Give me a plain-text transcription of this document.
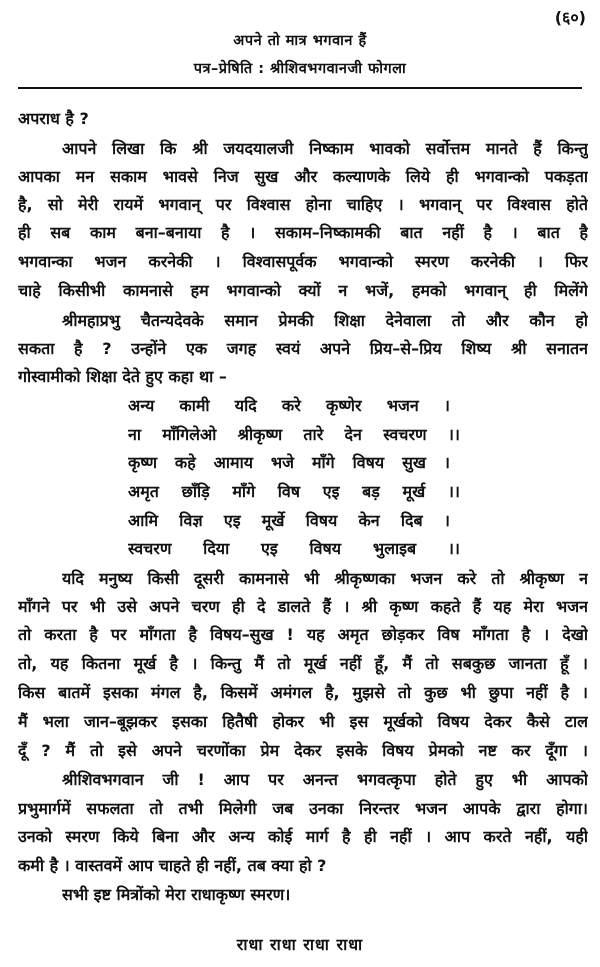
(६०)
अपने तो मात्र भगवान हैं
पत्र–प्रेषिति : श्रीशिवभगवानजी फोगला
अपराध है ?
आपने लिखा कि श्री जयदयालजी निष्काम भावको सर्वोत्तम मानते हैं किन्तु
आपका मन सकाम भावसे निज सुख और कल्याणके लिये ही भगवान्को पकड़ता
है, सो मेरी रायमें भगवान् पर विश्वास होना चाहिए । भगवान् पर विश्वास होते
ही सब काम बना–बनाया है । सकाम–निष्कामकी बात नहीं है । बात है
भगवान्का भजन करनेकी । विश्वासपूर्वक भगवान्को स्मरण करनेकी । फिर
चाहे किसीभी कामनासे हम भगवान्को क्यों न भजें, हमको भगवान् ही मिलेंगे
श्रीमहाप्रभु चैतन्यदेवके समान प्रेमकी शिक्षा देनेवाला तो और कौन हो
सकता है ? उन्होंने एक जगह स्वयं अपने प्रिय–से–प्रिय शिष्य श्री सनातन
गोस्वामीको शिक्षा देते हुए कहा था –
अन्य कामी यदि करे कृष्णेर भजन ।
ना माँगिलेओ श्रीकृष्ण तारे देन स्वचरण ।।
कृष्ण कहे आमाय भजे माँगे विषय सुख ।
अमृत छाँड़ि माँगे विष एइ बड़ मूर्ख ।।
आमि विज्ञ एइ मूर्खे विषय केन दिब ।
स्वचरण दिया एइ विषय भुलाइब ।।
यदि मनुष्य किसी दूसरी कामनासे भी श्रीकृष्णका भजन करे तो श्रीकृष्ण न
माँगने पर भी उसे अपने चरण ही दे डालते हैं । श्री कृष्ण कहते हैं यह मेरा भजन
तो करता है पर माँगता है विषय–सुख ! यह अमृत छोड़कर विष माँगता है । देखो
तो, यह कितना मूर्ख है । किन्तु मैं तो मूर्ख नहीं हूँ, मैं तो सबकुछ जानता हूँ ।
किस बातमें इसका मंगल है, किसमें अमंगल है, मुझसे तो कुछ भी छुपा नहीं है ।
मैं भला जान–बूझकर इसका हितैषी होकर भी इस मूर्खको विषय देकर कैसे टाल
दूँ ? मैं तो इसे अपने चरणोंका प्रेम देकर इसके विषय प्रेमको नष्ट कर दूँगा ।
श्रीशिवभगवान जी ! आप पर अनन्त भगवत्कृपा होते हुए भी आपको
प्रभुमार्गमें सफलता तो तभी मिलेगी जब उनका निरन्तर भजन आपके द्वारा होगा।
उनको स्मरण किये बिना और अन्य कोई मार्ग है ही नहीं । आप करते नहीं, यही
कमी है । वास्तवमें आप चाहते ही नहीं, तब क्या हो ?
सभी इष्ट मित्रोंको मेरा राधाकृष्ण स्मरण।
राधा राधा राधा राधा
